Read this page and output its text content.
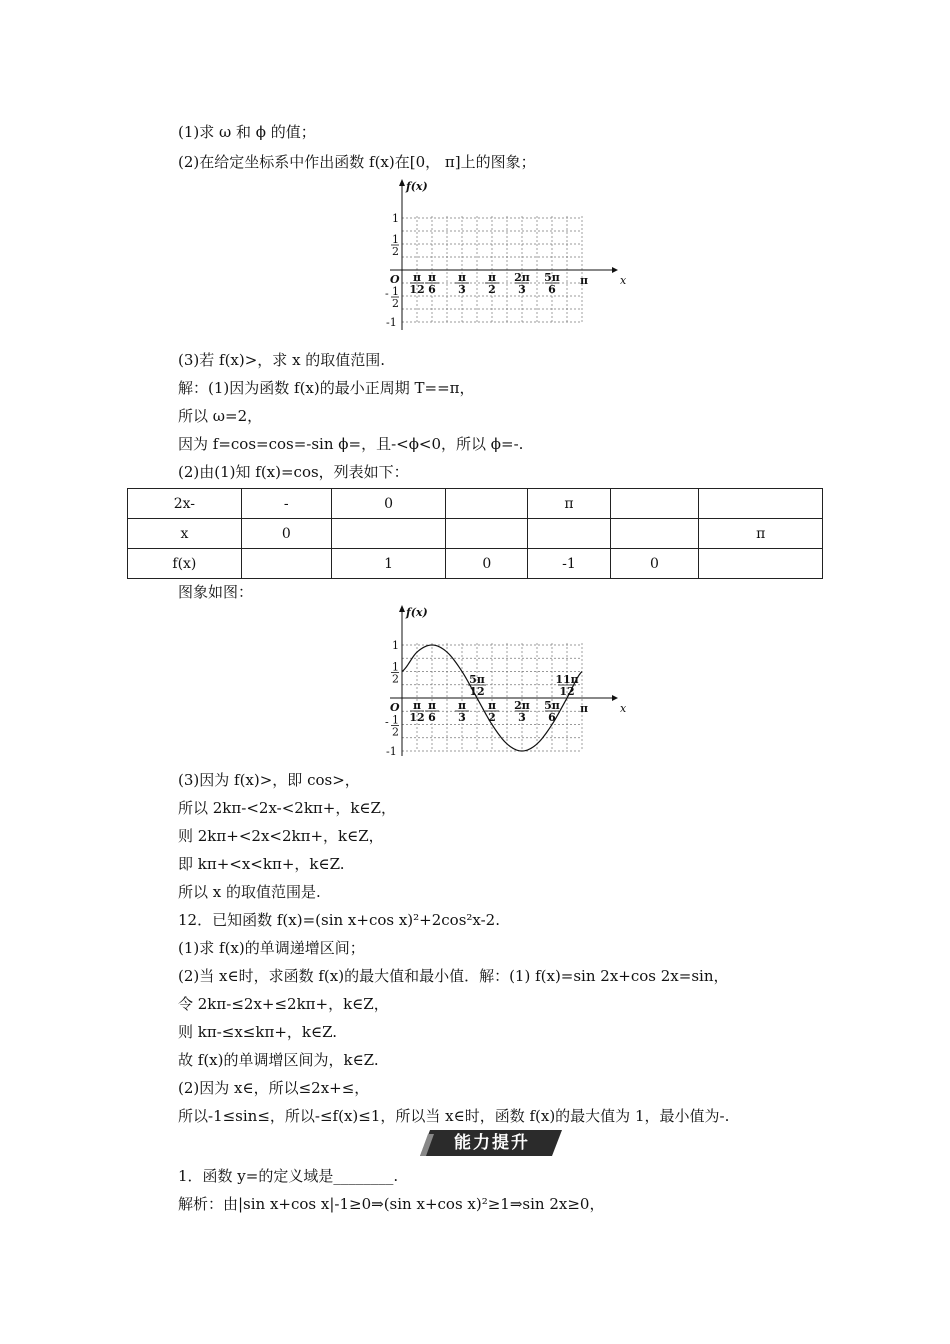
(1)求 ω 和 ϕ 的值；
(2)在给定坐标系中作出函数 f(x)在[0， π]上的图象；
f(x)
x
O
1
1
2
- 1
2
-1
π
12
π
6
π
3
π
2
2π
3
5π
6
π
(3)若 f(x)>，求 x 的取值范围.
解：(1)因为函数 f(x)的最小正周期 T==π，
所以 ω=2，
因为 f=cos=cos=-sin ϕ=，且-<ϕ<0，所以 ϕ=-.
(2)由(1)知 f(x)=cos，列表如下：
2x-	-	0		π		
x	0					π
f(x)		1	0	-1	0	
图象如图：
f(x)
x
O
1
1
2
- 1
2
-1
π
12
π
6
π
3
π
2
2π
3
5π
6
π
5π
12
11π
12
(3)因为 f(x)>，即 cos>，
所以 2kπ-<2x-<2kπ+，k∈Z，
则 2kπ+<2x<2kπ+，k∈Z，
即 kπ+<x<kπ+，k∈Z.
所以 x 的取值范围是.
12．已知函数 f(x)=(sin x+cos x)²+2cos²x-2.
(1)求 f(x)的单调递增区间；
(2)当 x∈时，求函数 f(x)的最大值和最小值．解：(1) f(x)=sin 2x+cos 2x=sin，
令 2kπ-≤2x+≤2kπ+，k∈Z，
则 kπ-≤x≤kπ+，k∈Z.
故 f(x)的单调增区间为，k∈Z.
(2)因为 x∈，所以≤2x+≤，
所以-1≤sin≤，所以-≤f(x)≤1，所以当 x∈时，函数 f(x)的最大值为 1，最小值为-.
能力提升
1．函数 y=的定义域是________.
解析：由|sin x+cos x|-1≥0⇒(sin x+cos x)²≥1⇒sin 2x≥0，
